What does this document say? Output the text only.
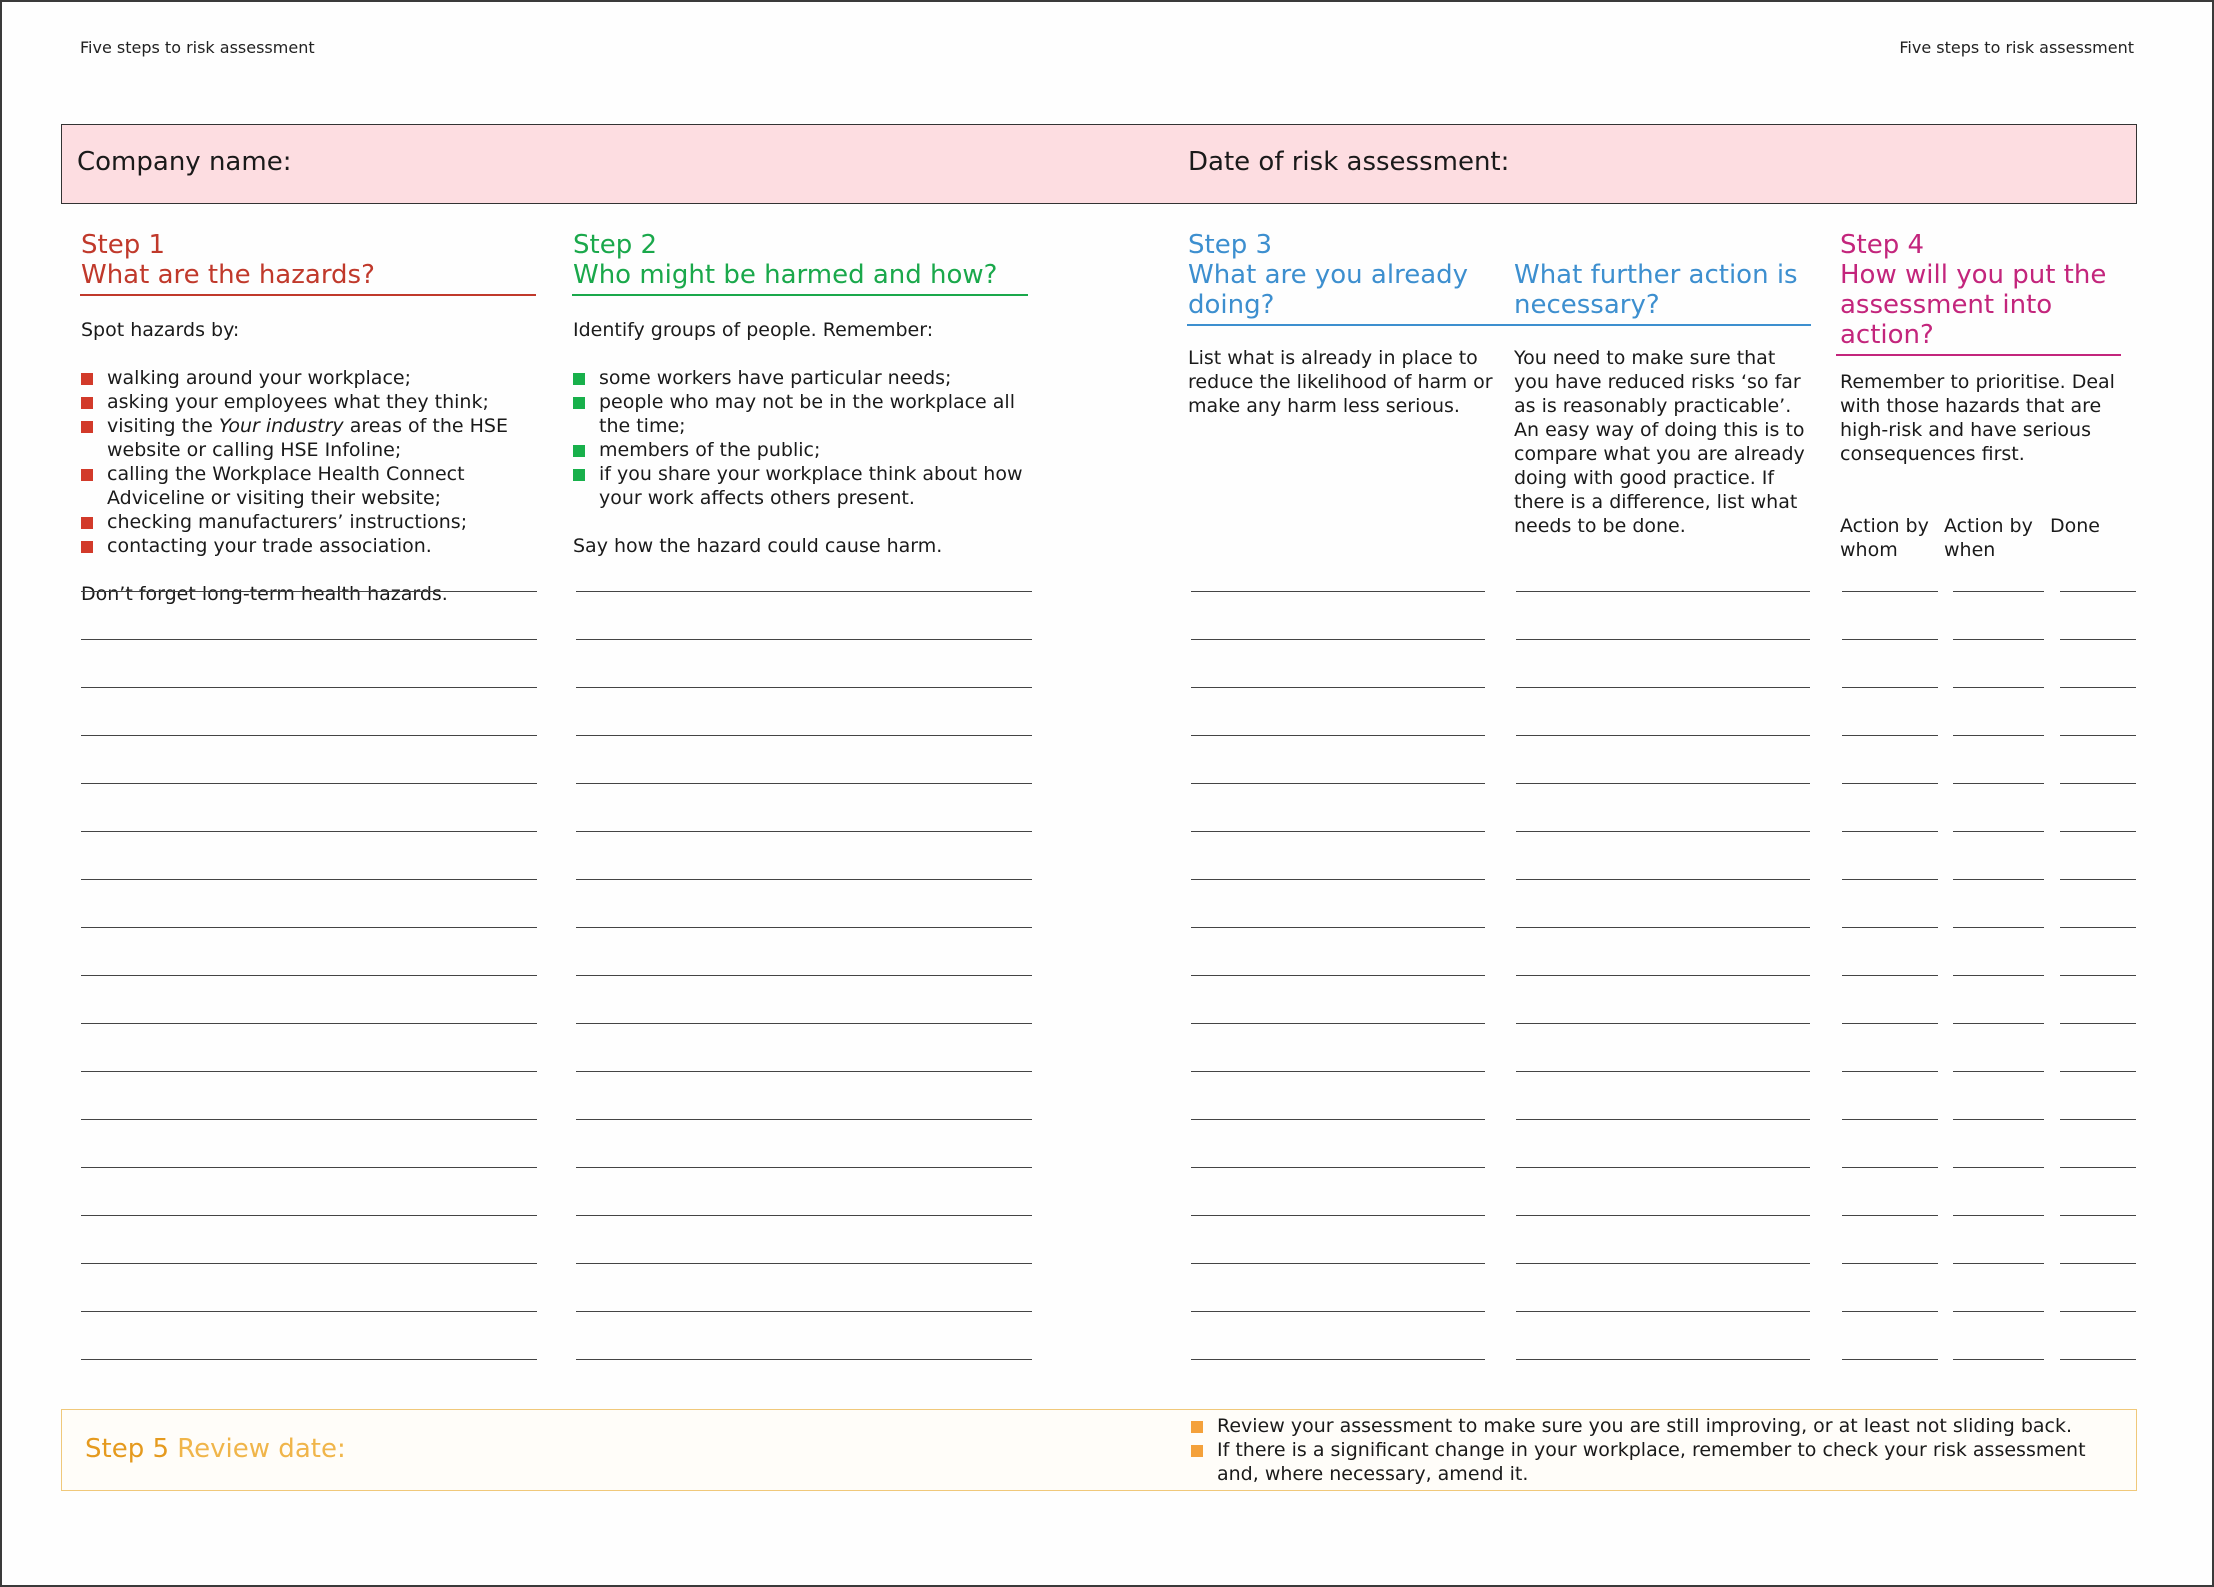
Five steps to risk assessment	Five steps to risk assessment
Company name:	Date of risk assessment:
Step 1
What are the hazards?

Spot hazards by:

walking around your workplace;
asking your employees what they think;
visiting the Your industry areas of the HSE website or calling HSE Infoline;
calling the Workplace Health Connect Adviceline or visiting their website;
checking manufacturers’ instructions;
contacting your trade association.

Don’t forget long-term health hazards.

Step 2
Who might be harmed and how?

Identify groups of people. Remember:

some workers have particular needs;
people who may not be in the workplace all the time;
members of the public;
if you share your workplace think about how your work affects others present.

Say how the hazard could cause harm.

Step 3
What are you already doing?
What further action is necessary?
List what is already in place to reduce the likelihood of harm or make any harm less serious.
You need to make sure that you have reduced risks ‘so far as is reasonably practicable’. An easy way of doing this is to compare what you are already doing with good practice. If there is a difference, list what needs to be done.
Step 4
How will you put the assessment into action?
Remember to prioritise. Deal with those hazards that are high-risk and have serious consequences first.
Action by whom
Action by when
Done
Step 5 Review date:
Review your assessment to make sure you are still improving, or at least not sliding back.
If there is a significant change in your workplace, remember to check your risk assessment and, where necessary, amend it.
